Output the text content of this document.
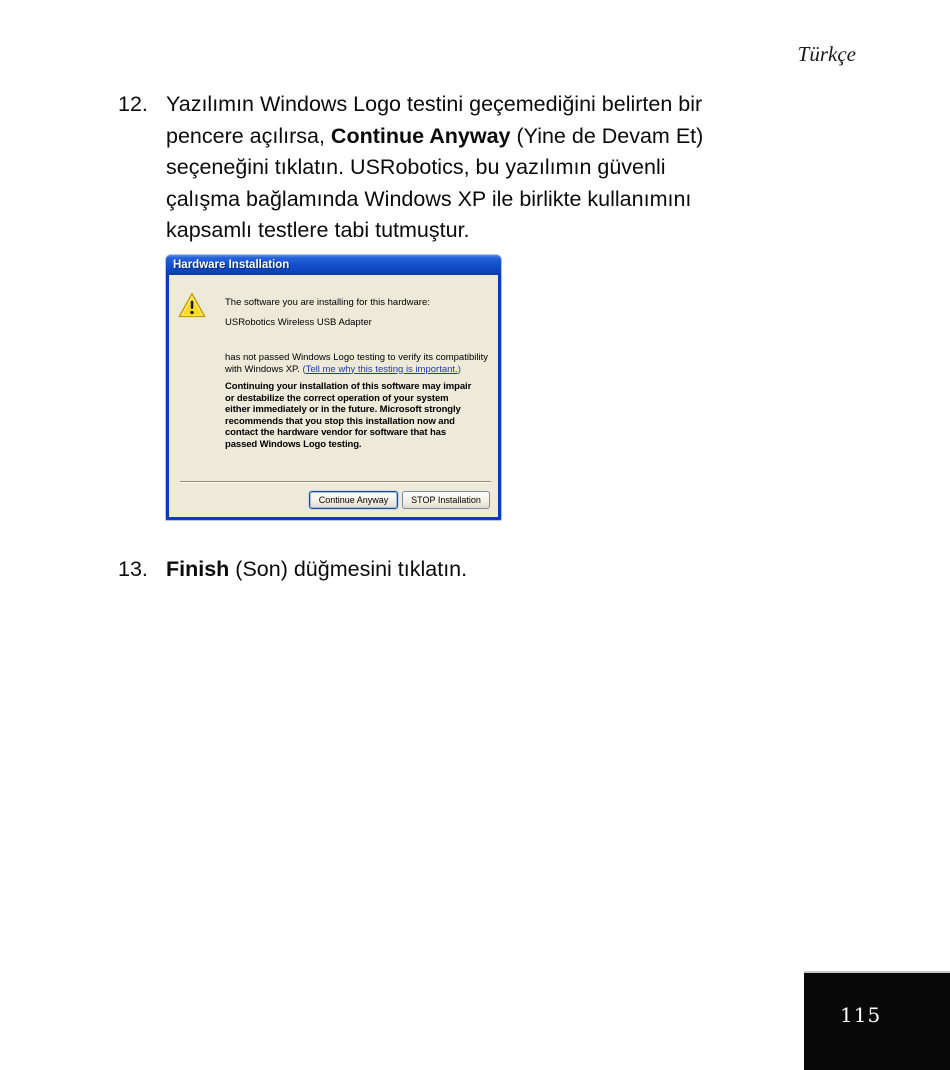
Türkçe
12. Yazılımın Windows Logo testini geçemediğini belirten bir
pencere açılırsa, Continue Anyway (Yine de Devam Et)
seçeneğini tıklatın. USRobotics, bu yazılımın güvenli
çalışma bağlamında Windows XP ile birlikte kullanımını
kapsamlı testlere tabi tutmuştur.
Hardware Installation
The software you are installing for this hardware:
USRobotics Wireless USB Adapter
has not passed Windows Logo testing to verify its compatibility
with Windows XP. (Tell me why this testing is important.)
Continuing your installation of this software may impair
or destabilize the correct operation of your system
either immediately or in the future. Microsoft strongly
recommends that you stop this installation now and
contact the hardware vendor for software that has
passed Windows Logo testing.
Continue Anyway	STOP Installation
13. Finish (Son) düğmesini tıklatın.
115
